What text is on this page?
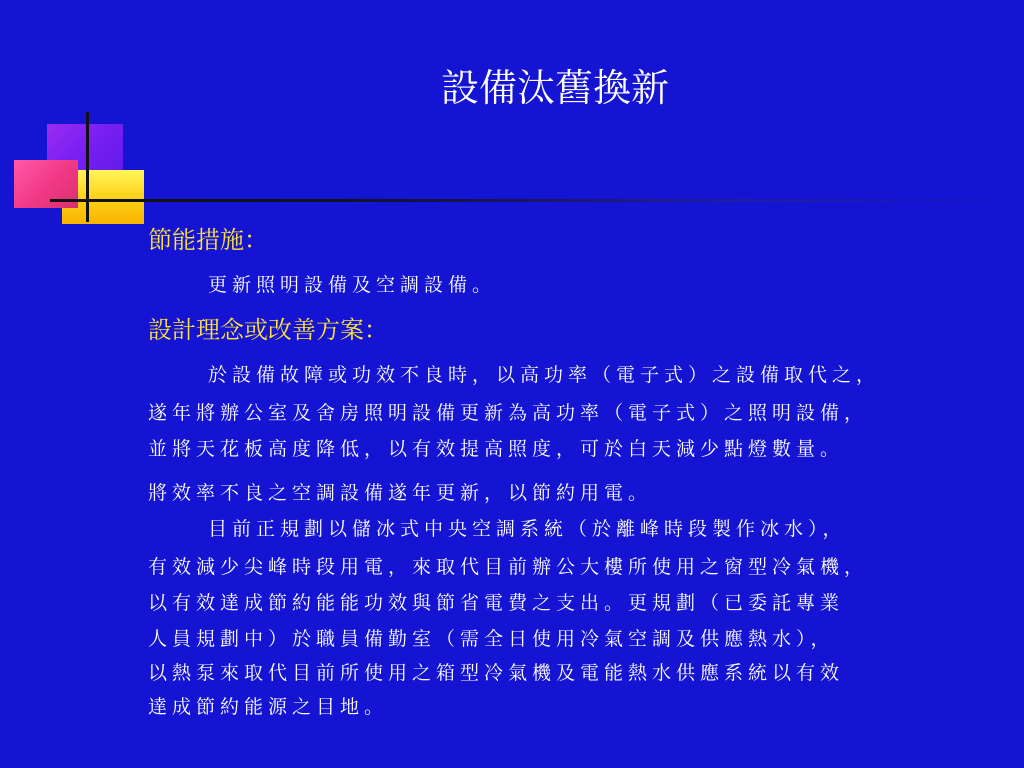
設備汰舊換新
節能措施：
更新照明設備及空調設備。
設計理念或改善方案：
於設備故障或功效不良時，以高功率（電子式）之設備取代之，
遂年將辦公室及舍房照明設備更新為高功率（電子式）之照明設備，
並將天花板高度降低，以有效提高照度，可於白天減少點燈數量。
將效率不良之空調設備遂年更新，以節約用電。
目前正規劃以儲冰式中央空調系統（於離峰時段製作冰水），
有效減少尖峰時段用電，來取代目前辦公大樓所使用之窗型冷氣機，
以有效達成節約能能功效與節省電費之支出。更規劃（已委託專業
人員規劃中）於職員備勤室（需全日使用冷氣空調及供應熱水），
以熱泵來取代目前所使用之箱型冷氣機及電能熱水供應系統以有效
達成節約能源之目地。
